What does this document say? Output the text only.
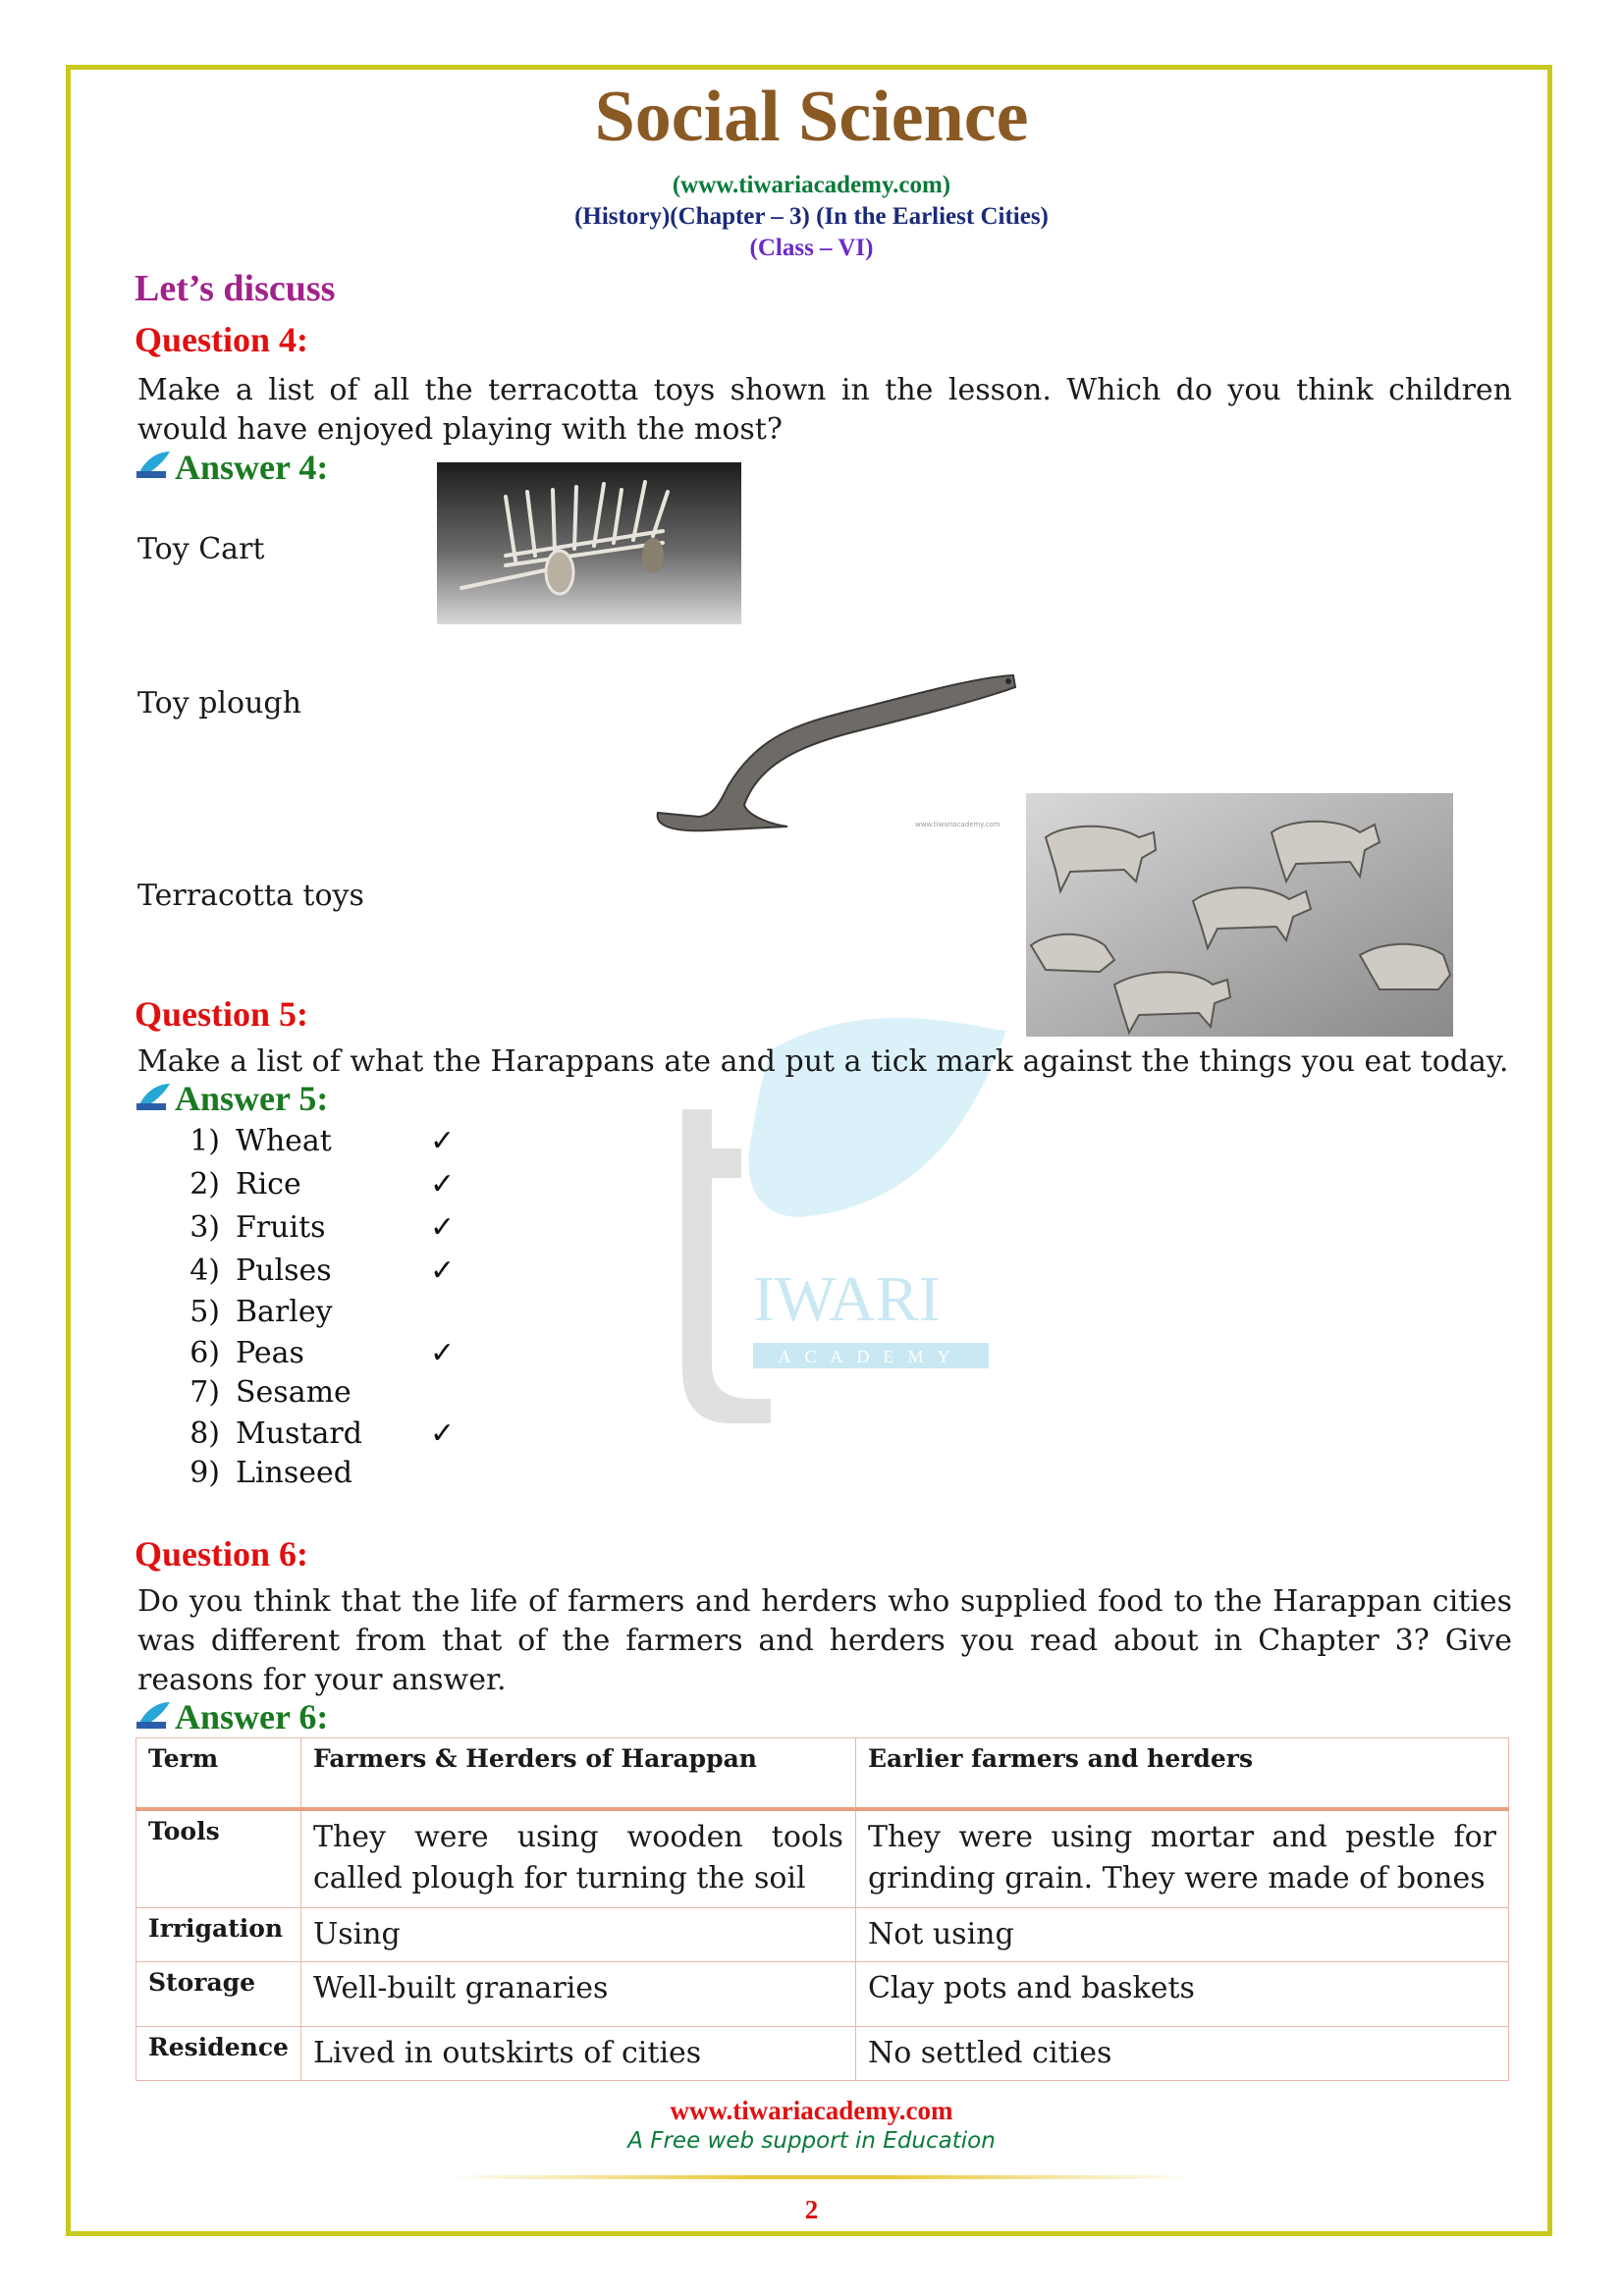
IWARI
ACADEMY
Social Science
(www.tiwariacademy.com)
(History)(Chapter – 3) (In the Earliest Cities)
(Class – VI)
Let’s discuss
Question 4:
Make a list of all the terracotta toys shown in the lesson. Which do you think children would have enjoyed playing with the most?
Answer 4:
Toy Cart
Toy plough
Terracotta toys
www.tiwariacademy.com
Question 5:
Make a list of what the Harappans ate and put a tick mark against the things you eat today.
Answer 5:
1) Wheat	✓
2) Rice	✓
3) Fruits	✓
4) Pulses	✓
5) Barley
6) Peas	✓
7) Sesame
8) Mustard ✓
9) Linseed
Question 6:
Do you think that the life of farmers and herders who supplied food to the Harappan cities was different from that of the farmers and herders you read about in Chapter 3? Give reasons for your answer.
Answer 6:
Term	Farmers & Herders of Harappan	Earlier farmers and herders
Tools	They were using wooden tools called plough for turning the soil	They were using mortar and pestle for grinding grain. They were made of bones
Irrigation	Using	Not using
Storage	Well-built granaries	Clay pots and baskets
Residence	Lived in outskirts of cities	No settled cities
www.tiwariacademy.com
A Free web support in Education
2
